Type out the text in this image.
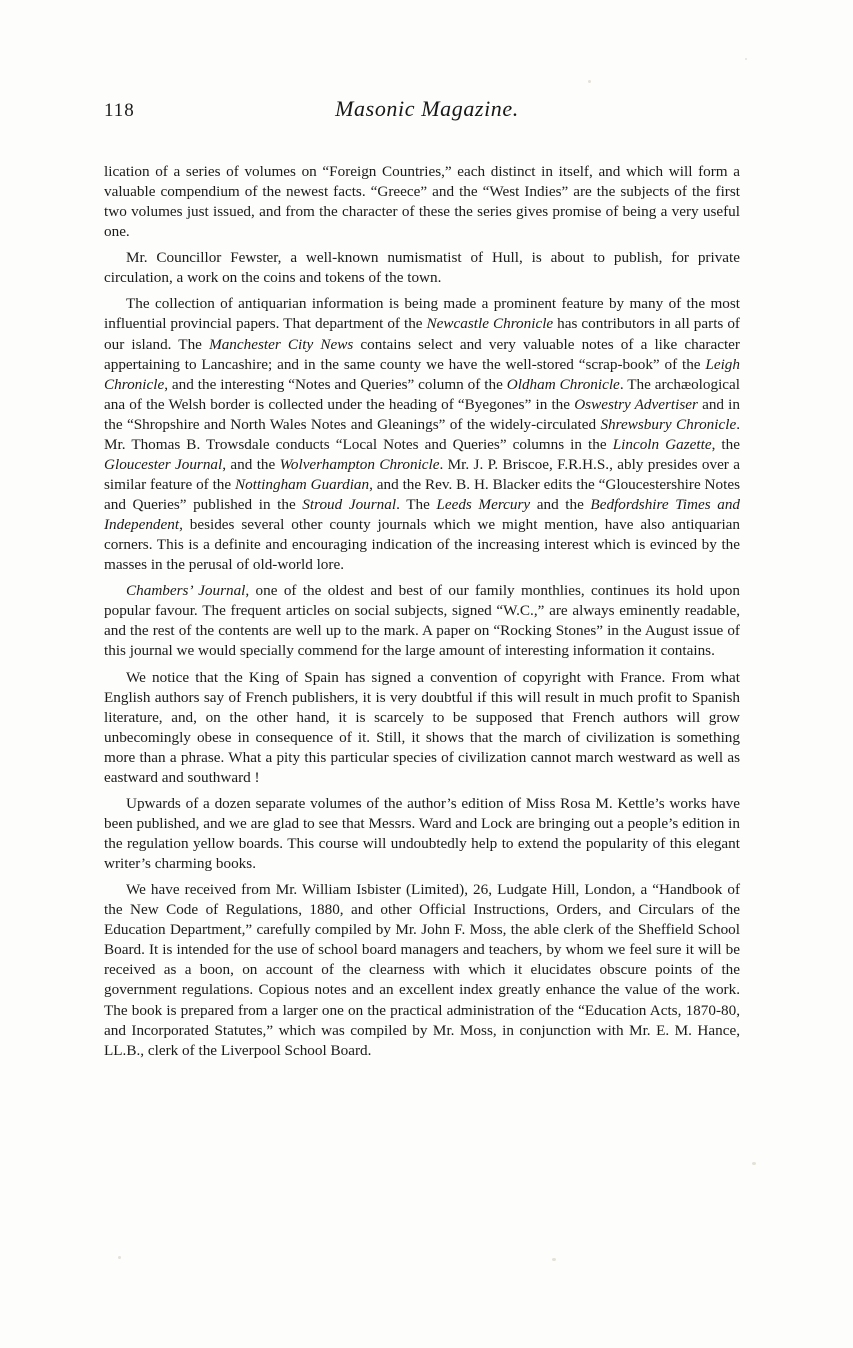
118	Masonic Magazine.

lication of a series of volumes on “Foreign Countries,” each distinct in itself, and which will form a valuable compendium of the newest facts. “Greece” and the “West Indies” are the subjects of the first two volumes just issued, and from the character of these the series gives promise of being a very useful one.

Mr. Councillor Fewster, a well-known numismatist of Hull, is about to publish, for private circulation, a work on the coins and tokens of the town.

The collection of antiquarian information is being made a prominent feature by many of the most influential provincial papers. That department of the Newcastle Chronicle has contributors in all parts of our island. The Manchester City News contains select and very valuable notes of a like character appertaining to Lancashire; and in the same county we have the well-stored “scrap-book” of the Leigh Chronicle, and the interesting “Notes and Queries” column of the Oldham Chronicle. The archæological ana of the Welsh border is collected under the heading of “Byegones” in the Oswestry Advertiser and in the “Shropshire and North Wales Notes and Gleanings” of the widely-circulated Shrewsbury Chronicle. Mr. Thomas B. Trowsdale conducts “Local Notes and Queries” columns in the Lincoln Gazette, the Gloucester Journal, and the Wolverhampton Chronicle. Mr. J. P. Briscoe, F.R.H.S., ably presides over a similar feature of the Nottingham Guardian, and the Rev. B. H. Blacker edits the “Gloucestershire Notes and Queries” published in the Stroud Journal. The Leeds Mercury and the Bedfordshire Times and Independent, besides several other county journals which we might mention, have also antiquarian corners. This is a definite and encouraging indication of the increasing interest which is evinced by the masses in the perusal of old-world lore.

Chambers’ Journal, one of the oldest and best of our family monthlies, continues its hold upon popular favour. The frequent articles on social subjects, signed “W.C.,” are always eminently readable, and the rest of the contents are well up to the mark. A paper on “Rocking Stones” in the August issue of this journal we would specially commend for the large amount of interesting information it contains.

We notice that the King of Spain has signed a convention of copyright with France. From what English authors say of French publishers, it is very doubtful if this will result in much profit to Spanish literature, and, on the other hand, it is scarcely to be supposed that French authors will grow unbecomingly obese in consequence of it. Still, it shows that the march of civilization is something more than a phrase. What a pity this particular species of civilization cannot march westward as well as eastward and southward !

Upwards of a dozen separate volumes of the author’s edition of Miss Rosa M. Kettle’s works have been published, and we are glad to see that Messrs. Ward and Lock are bringing out a people’s edition in the regulation yellow boards. This course will undoubtedly help to extend the popularity of this elegant writer’s charming books.

We have received from Mr. William Isbister (Limited), 26, Ludgate Hill, London, a “Handbook of the New Code of Regulations, 1880, and other Official Instructions, Orders, and Circulars of the Education Department,” carefully compiled by Mr. John F. Moss, the able clerk of the Sheffield School Board. It is intended for the use of school board managers and teachers, by whom we feel sure it will be received as a boon, on account of the clearness with which it elucidates obscure points of the government regulations. Copious notes and an excellent index greatly enhance the value of the work. The book is prepared from a larger one on the practical administration of the “Education Acts, 1870-80, and Incorporated Statutes,” which was compiled by Mr. Moss, in conjunction with Mr. E. M. Hance, LL.B., clerk of the Liverpool School Board.
